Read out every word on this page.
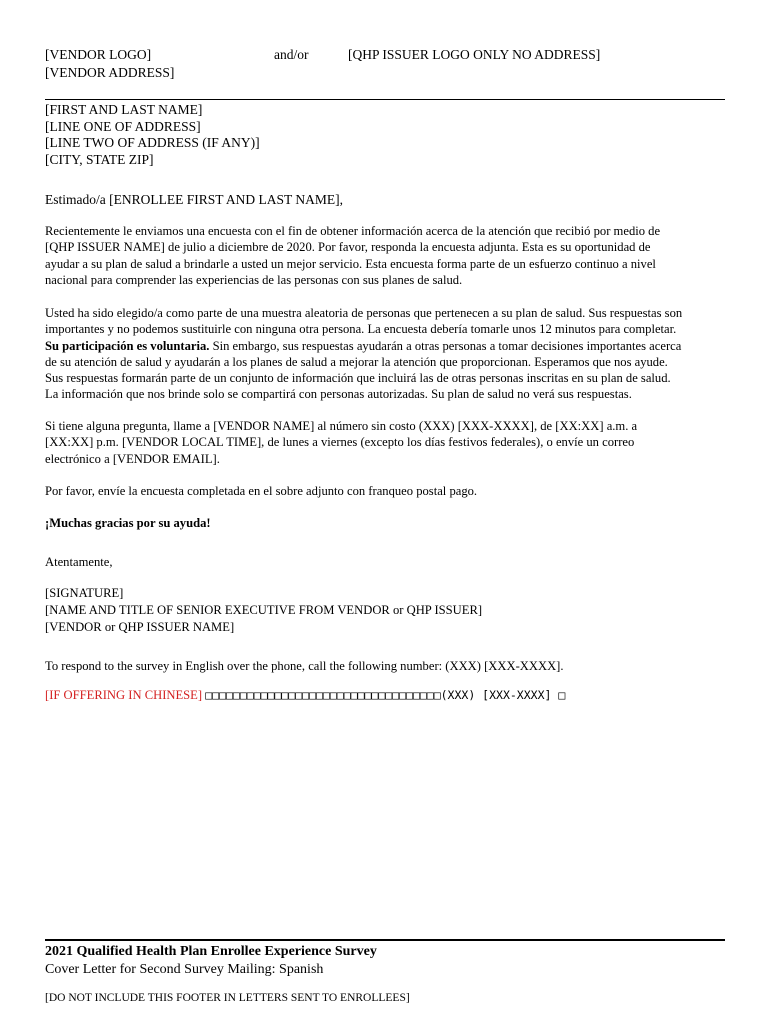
[VENDOR LOGO]	and/or	[QHP ISSUER LOGO ONLY NO ADDRESS]
[VENDOR ADDRESS]
[FIRST AND LAST NAME]
[LINE ONE OF ADDRESS]
[LINE TWO OF ADDRESS (IF ANY)]
[CITY, STATE ZIP]
Estimado/a [ENROLLEE FIRST AND LAST NAME],
Recientemente le enviamos una encuesta con el fin de obtener información acerca de la atención que recibió por medio de
[QHP ISSUER NAME] de julio a diciembre de 2020. Por favor, responda la encuesta adjunta. Esta es su oportunidad de
ayudar a su plan de salud a brindarle a usted un mejor servicio. Esta encuesta forma parte de un esfuerzo continuo a nivel
nacional para comprender las experiencias de las personas con sus planes de salud.
Usted ha sido elegido/a como parte de una muestra aleatoria de personas que pertenecen a su plan de salud. Sus respuestas son
importantes y no podemos sustituirle con ninguna otra persona. La encuesta debería tomarle unos 12 minutos para completar.
Su participación es voluntaria. Sin embargo, sus respuestas ayudarán a otras personas a tomar decisiones importantes acerca
de su atención de salud y ayudarán a los planes de salud a mejorar la atención que proporcionan. Esperamos que nos ayude.
Sus respuestas formarán parte de un conjunto de información que incluirá las de otras personas inscritas en su plan de salud.
La información que nos brinde solo se compartirá con personas autorizadas. Su plan de salud no verá sus respuestas.
Si tiene alguna pregunta, llame a [VENDOR NAME] al número sin costo (XXX) [XXX-XXXX], de [XX:XX] a.m. a
[XX:XX] p.m. [VENDOR LOCAL TIME], de lunes a viernes (excepto los días festivos federales), o envíe un correo
electrónico a [VENDOR EMAIL].
Por favor, envíe la encuesta completada en el sobre adjunto con franqueo postal pago.
¡Muchas gracias por su ayuda!
Atentamente,
[SIGNATURE]
[NAME AND TITLE OF SENIOR EXECUTIVE FROM VENDOR or QHP ISSUER]
[VENDOR or QHP ISSUER NAME]
To respond to the survey in English over the phone, call the following number: (XXX) [XXX-XXXX].
[IF OFFERING IN CHINESE] □□□□□□□□□□□□□□□□□□□□□□□□□□□□□□□□□□(XXX) [XXX-XXXX] □
2021 Qualified Health Plan Enrollee Experience Survey
Cover Letter for Second Survey Mailing: Spanish
[DO NOT INCLUDE THIS FOOTER IN LETTERS SENT TO ENROLLEES]
